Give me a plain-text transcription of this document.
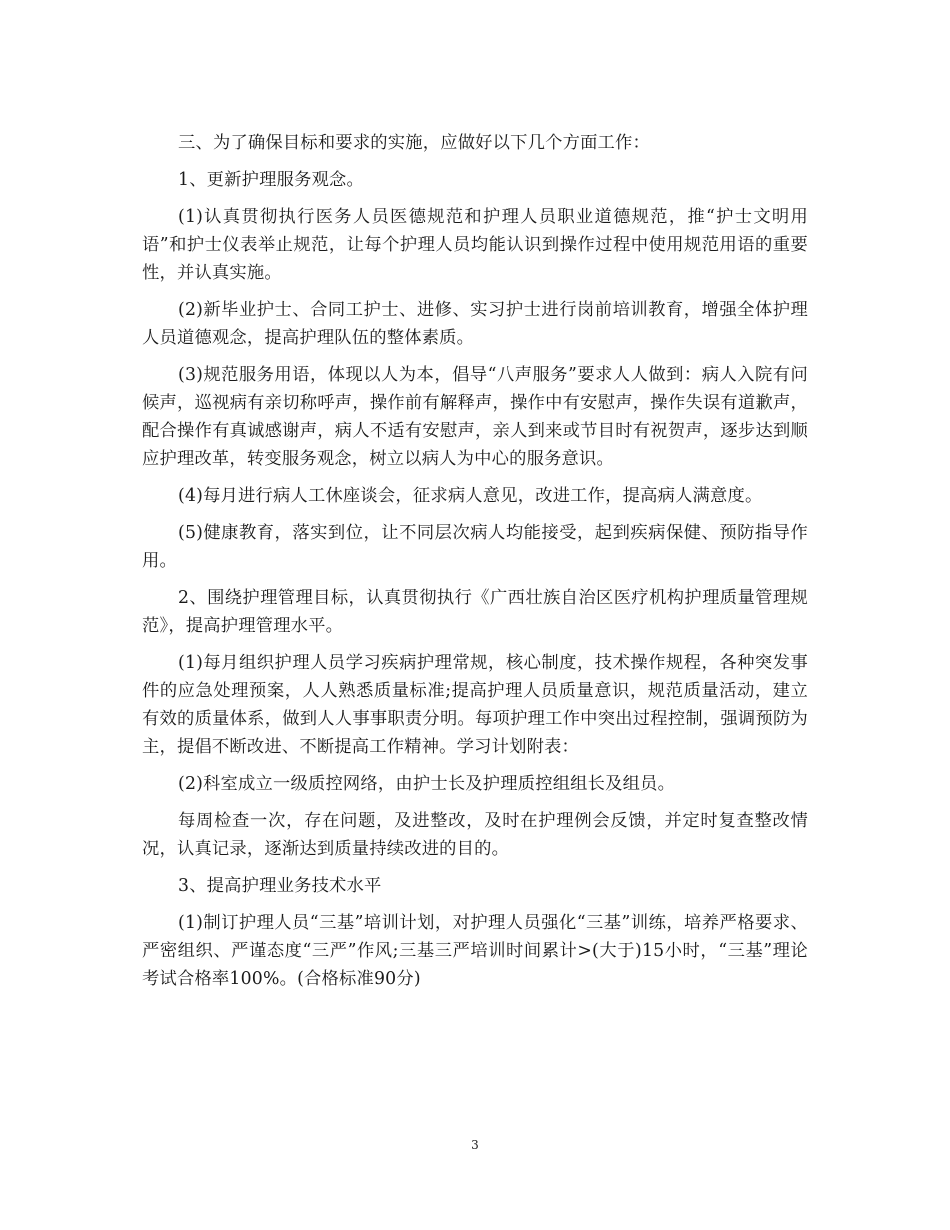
三、为了确保目标和要求的实施，应做好以下几个方面工作：

1、更新护理服务观念。

(1)认真贯彻执行医务人员医德规范和护理人员职业道德规范，推“护士文明用语”和护士仪表举止规范，让每个护理人员均能认识到操作过程中使用规范用语的重要性，并认真实施。

(2)新毕业护士、合同工护士、进修、实习护士进行岗前培训教育，增强全体护理人员道德观念，提高护理队伍的整体素质。

(3)规范服务用语，体现以人为本，倡导“八声服务”要求人人做到：病人入院有问候声，巡视病有亲切称呼声，操作前有解释声，操作中有安慰声，操作失误有道歉声，配合操作有真诚感谢声，病人不适有安慰声，亲人到来或节目时有祝贺声，逐步达到顺应护理改革，转变服务观念，树立以病人为中心的服务意识。

(4)每月进行病人工休座谈会，征求病人意见，改进工作，提高病人满意度。

(5)健康教育，落实到位，让不同层次病人均能接受，起到疾病保健、预防指导作用。

2、围绕护理管理目标，认真贯彻执行《广西壮族自治区医疗机构护理质量管理规范》，提高护理管理水平。

(1)每月组织护理人员学习疾病护理常规，核心制度，技术操作规程，各种突发事件的应急处理预案，人人熟悉质量标准;提高护理人员质量意识，规范质量活动，建立有效的质量体系，做到人人事事职责分明。每项护理工作中突出过程控制，强调预防为主，提倡不断改进、不断提高工作精神。学习计划附表：

(2)科室成立一级质控网络，由护士长及护理质控组组长及组员。

每周检查一次，存在问题，及进整改，及时在护理例会反馈，并定时复查整改情况，认真记录，逐渐达到质量持续改进的目的。

3、提高护理业务技术水平

(1)制订护理人员“三基”培训计划，对护理人员强化“三基”训练，培养严格要求、严密组织、严谨态度“三严”作风;三基三严培训时间累计>(大于)15小时，“三基”理论考试合格率100%。(合格标准90分)

3
